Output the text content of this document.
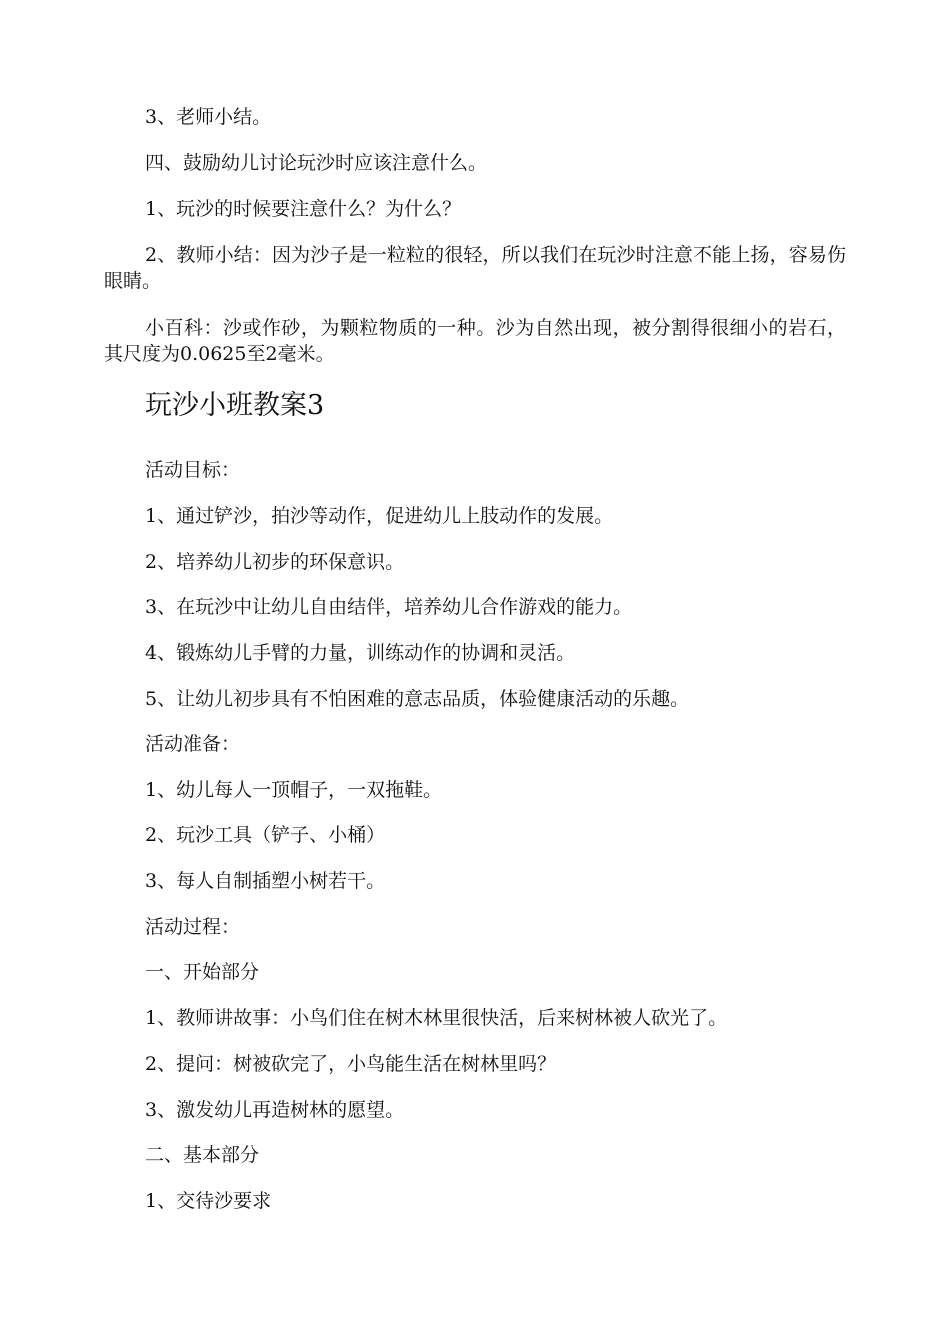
3、老师小结。
四、鼓励幼儿讨论玩沙时应该注意什么。
1、玩沙的时候要注意什么？为什么？
2、教师小结：因为沙子是一粒粒的很轻，所以我们在玩沙时注意不能上扬，容易伤眼睛。
小百科：沙或作砂，为颗粒物质的一种。沙为自然出现，被分割得很细小的岩石，其尺度为0.0625至2毫米。
玩沙小班教案3
活动目标：
1、通过铲沙，拍沙等动作，促进幼儿上肢动作的发展。
2、培养幼儿初步的环保意识。
3、在玩沙中让幼儿自由结伴，培养幼儿合作游戏的能力。
4、锻炼幼儿手臂的力量，训练动作的协调和灵活。
5、让幼儿初步具有不怕困难的意志品质，体验健康活动的乐趣。
活动准备：
1、幼儿每人一顶帽子，一双拖鞋。
2、玩沙工具（铲子、小桶）
3、每人自制插塑小树若干。
活动过程：
一、开始部分
1、教师讲故事：小鸟们住在树木林里很快活，后来树林被人砍光了。
2、提问：树被砍完了，小鸟能生活在树林里吗？
3、激发幼儿再造树林的愿望。
二、基本部分
1、交待沙要求
